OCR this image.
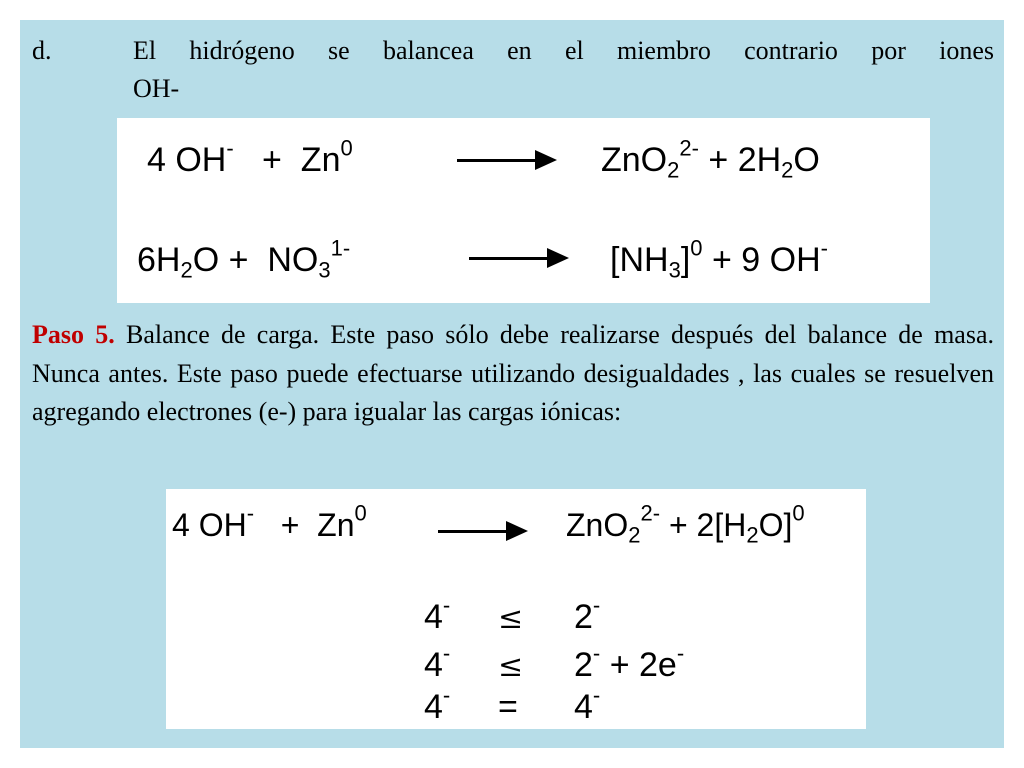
d.	El hidrógeno se balancea en el miembro contrario por iones
OH-
4 $OH^- + Zn^0$	$ZnO_2^{2-} + 2H_2O$
$6H_2O + NO_3^{1-}$	$[NH_3]^0 + 9$ OH-
Paso 5. Balance de carga. Este paso sólo debe realizarse después del balance de masa. Nunca antes. Este paso puede efectuarse utilizando desigualdades , las cuales se resuelven agregando electrones (e-) para igualar las cargas iónicas:
4 $OH^- + Zn^0$	$ZnO_2^{2-} + 2[H_2O]^0$
4- ≤ 2-
4- ≤ 2- + 2e-
4- = 4-
